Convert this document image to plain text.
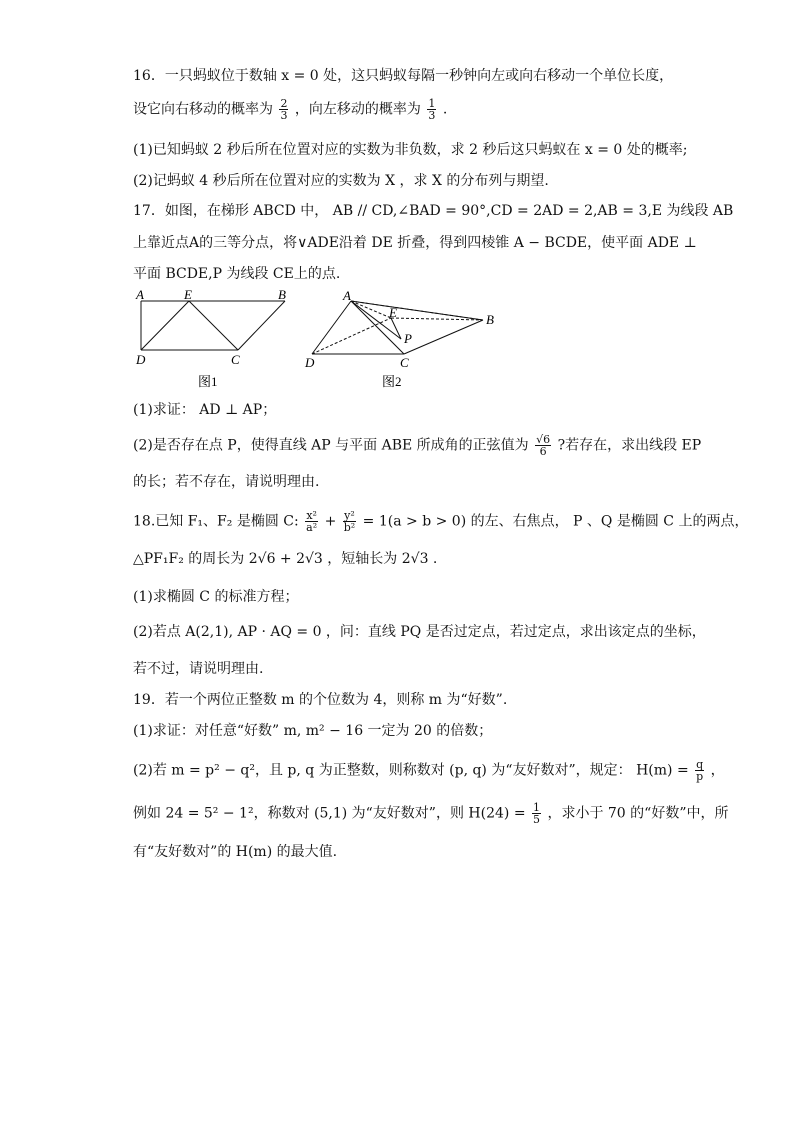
16．一只蚂蚁位于数轴 x = 0 处，这只蚂蚁每隔一秒钟向左或向右移动一个单位长度，
设它向右移动的概率为 $\frac{2}{3}$ ，向左移动的概率为 $\frac{1}{3}$ .
(1)已知蚂蚁 2 秒后所在位置对应的实数为非负数，求 2 秒后这只蚂蚁在 x = 0 处的概率;
(2)记蚂蚁 4 秒后所在位置对应的实数为 X ，求 X 的分布列与期望.
17．如图，在梯形 ABCD 中， AB // CD,∠BAD = 90°,CD = 2AD = 2,AB = 3,E 为线段 AB
上靠近点A的三等分点，将∨ADE沿着 DE 折叠，得到四棱锥 A − BCDE，使平面 ADE ⊥
平面 BCDE,P 为线段 CE上的点.
A	E	B
D	C
图1
A
E	B
P
D	C
图2
(1)求证： AD ⊥ AP；
(2)是否存在点 P，使得直线 AP 与平面 ABE 所成角的正弦值为 $\frac{√6}{6}$ ?若存在，求出线段 EP
的长；若不存在，请说明理由.
18.已知 F₁、F₂ 是椭圆 C: $\frac{\text{x²}}{\text{a²}} + \frac{\text{y²}}{\text{b²}} = 1(a > b > 0)$ 的左、右焦点， P 、Q 是椭圆 C 上的两点，
△PF₁F₂ 的周长为 2√6 + 2√3 ，短轴长为 2√3 .
(1)求椭圆 C 的标准方程；
(2)若点 A(2,1), AP · AQ = 0 ，问：直线 PQ 是否过定点，若过定点，求出该定点的坐标，
若不过，请说明理由.
19．若一个两位正整数 m 的个位数为 4，则称 m 为“好数”.
(1)求证：对任意“好数” m, m² − 16 一定为 20 的倍数；
(2)若 m = p² − q²，且 p, q 为正整数，则称数对 (p, q) 为“友好数对”，规定： $H(m) = \frac{q}{p}$ ，
例如 24 = 5² − 1²，称数对 (5,1) 为“友好数对”，则 $H(24) = \frac{1}{5}$ ，求小于 70 的“好数”中，所
有“友好数对”的 H(m) 的最大值.
